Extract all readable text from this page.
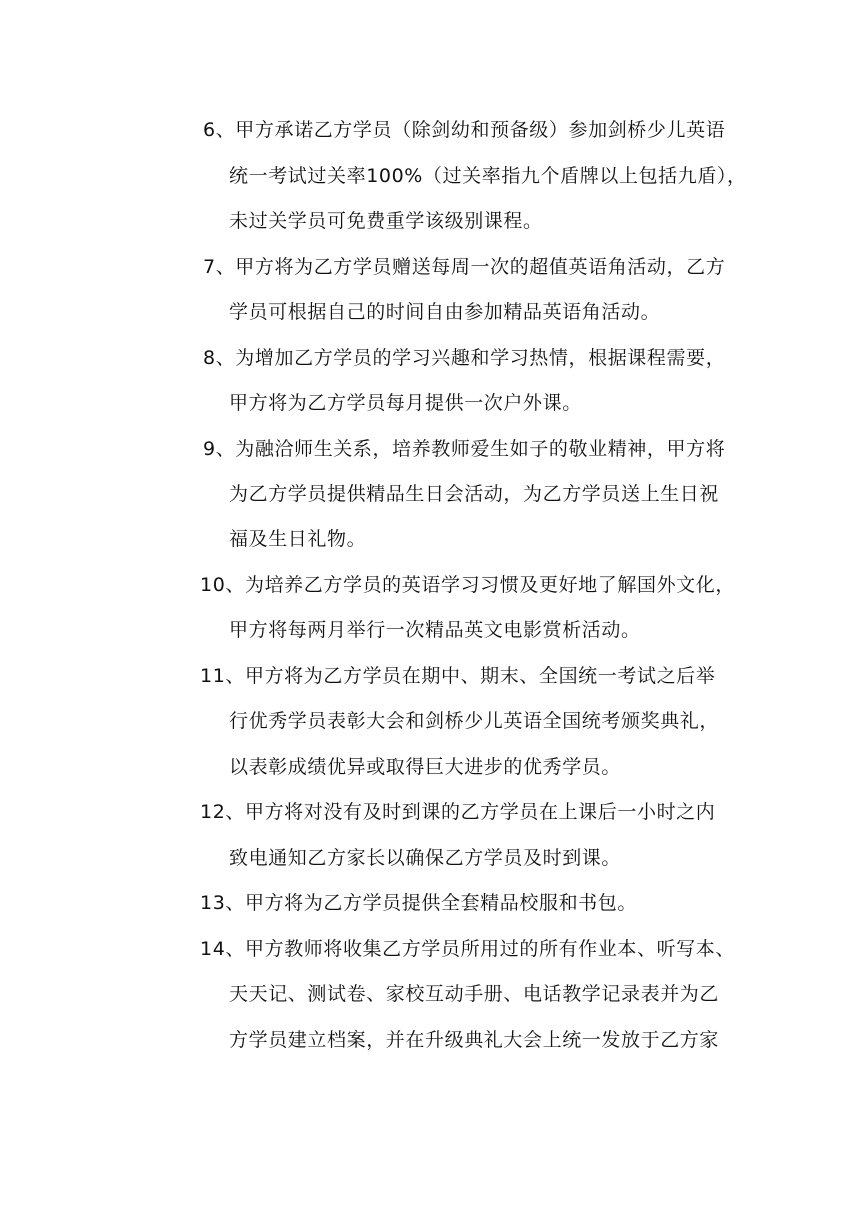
6、甲方承诺乙方学员（除剑幼和预备级）参加剑桥少儿英语
统一考试过关率100%（过关率指九个盾牌以上包括九盾），
未过关学员可免费重学该级别课程。
7、甲方将为乙方学员赠送每周一次的超值英语角活动，乙方
学员可根据自己的时间自由参加精品英语角活动。
8、为增加乙方学员的学习兴趣和学习热情，根据课程需要，
甲方将为乙方学员每月提供一次户外课。
9、为融洽师生关系，培养教师爱生如子的敬业精神，甲方将
为乙方学员提供精品生日会活动，为乙方学员送上生日祝
福及生日礼物。
10、为培养乙方学员的英语学习习惯及更好地了解国外文化，
甲方将每两月举行一次精品英文电影赏析活动。
11、甲方将为乙方学员在期中、期末、全国统一考试之后举
行优秀学员表彰大会和剑桥少儿英语全国统考颁奖典礼，
以表彰成绩优异或取得巨大进步的优秀学员。
12、甲方将对没有及时到课的乙方学员在上课后一小时之内
致电通知乙方家长以确保乙方学员及时到课。
13、甲方将为乙方学员提供全套精品校服和书包。
14、甲方教师将收集乙方学员所用过的所有作业本、听写本、
天天记、测试卷、家校互动手册、电话教学记录表并为乙
方学员建立档案，并在升级典礼大会上统一发放于乙方家
